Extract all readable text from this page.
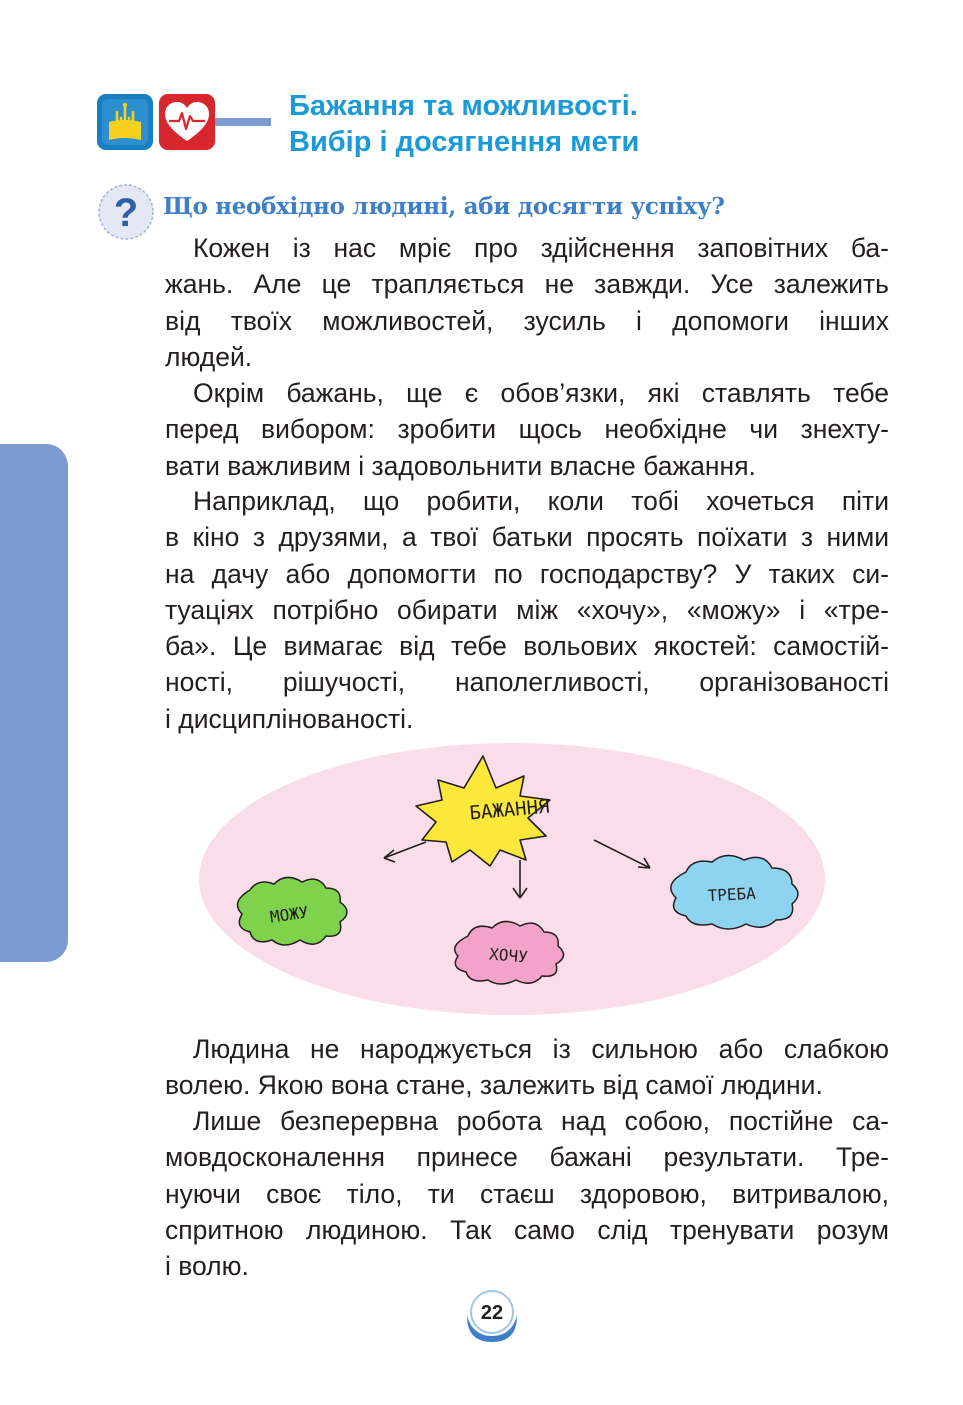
Бажання та можливості.
Вибір і досягнення мети
? Що необхідно людині, аби досягти успіху?
Кожен із нас мріє про здійснення заповітних ба-
жань. Але це трапляється не завжди. Усе залежить
від твоїх можливостей, зусиль і допомоги інших
людей.
Окрім бажань, ще є обов’язки, які ставлять тебе
перед вибором: зробити щось необхідне чи знехту-
вати важливим і задовольнити власне бажання.
Наприклад, що робити, коли тобі хочеться піти
в кіно з друзями, а твої батьки просять поїхати з ними
на дачу або допомогти по господарству? У таких си-
туаціях потрібно обирати між «хочу», «можу» і «тре-
ба». Це вимагає від тебе вольових якостей: самостій-
ності, рішучості, наполегливості, організованості
і дисциплінованості.
БАЖАННЯ
МОЖУ
ХОЧУ
ТРЕБА
Людина не народжується із сильною або слабкою
волею. Якою вона стане, залежить від самої людини.
Лише безперервна робота над собою, постійне са-
мовдосконалення принесе бажані результати. Тре-
нуючи своє тіло, ти стаєш здоровою, витривалою,
спритною людиною. Так само слід тренувати розум
і волю.
22
